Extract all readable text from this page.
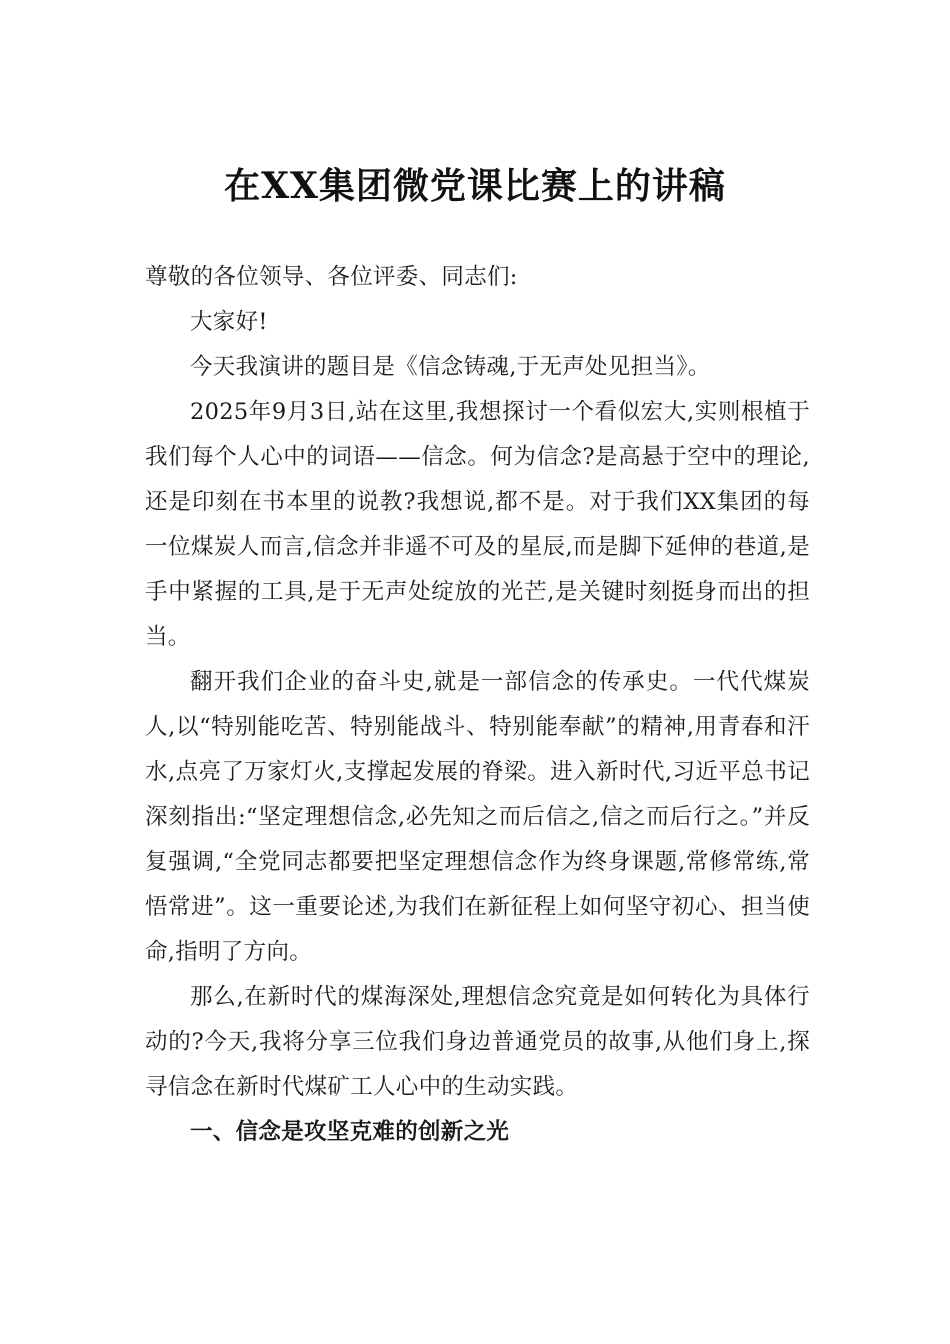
在XX集团微党课比赛上的讲稿

尊敬的各位领导、各位评委、同志们:

大家好!

今天我演讲的题目是《信念铸魂,于无声处见担当》。

2025年9月3日,站在这里,我想探讨一个看似宏大,实则根植于我们每个人心中的词语——信念。何为信念?是高悬于空中的理论,还是印刻在书本里的说教?我想说,都不是。对于我们XX集团的每一位煤炭人而言,信念并非遥不可及的星辰,而是脚下延伸的巷道,是手中紧握的工具,是于无声处绽放的光芒,是关键时刻挺身而出的担当。

翻开我们企业的奋斗史,就是一部信念的传承史。一代代煤炭人,以“特别能吃苦、特别能战斗、特别能奉献”的精神,用青春和汗水,点亮了万家灯火,支撑起发展的脊梁。进入新时代,习近平总书记深刻指出:“坚定理想信念,必先知之而后信之,信之而后行之。”并反复强调,“全党同志都要把坚定理想信念作为终身课题,常修常练,常悟常进”。这一重要论述,为我们在新征程上如何坚守初心、担当使命,指明了方向。

那么,在新时代的煤海深处,理想信念究竟是如何转化为具体行动的?今天,我将分享三位我们身边普通党员的故事,从他们身上,探寻信念在新时代煤矿工人心中的生动实践。

一、信念是攻坚克难的创新之光
